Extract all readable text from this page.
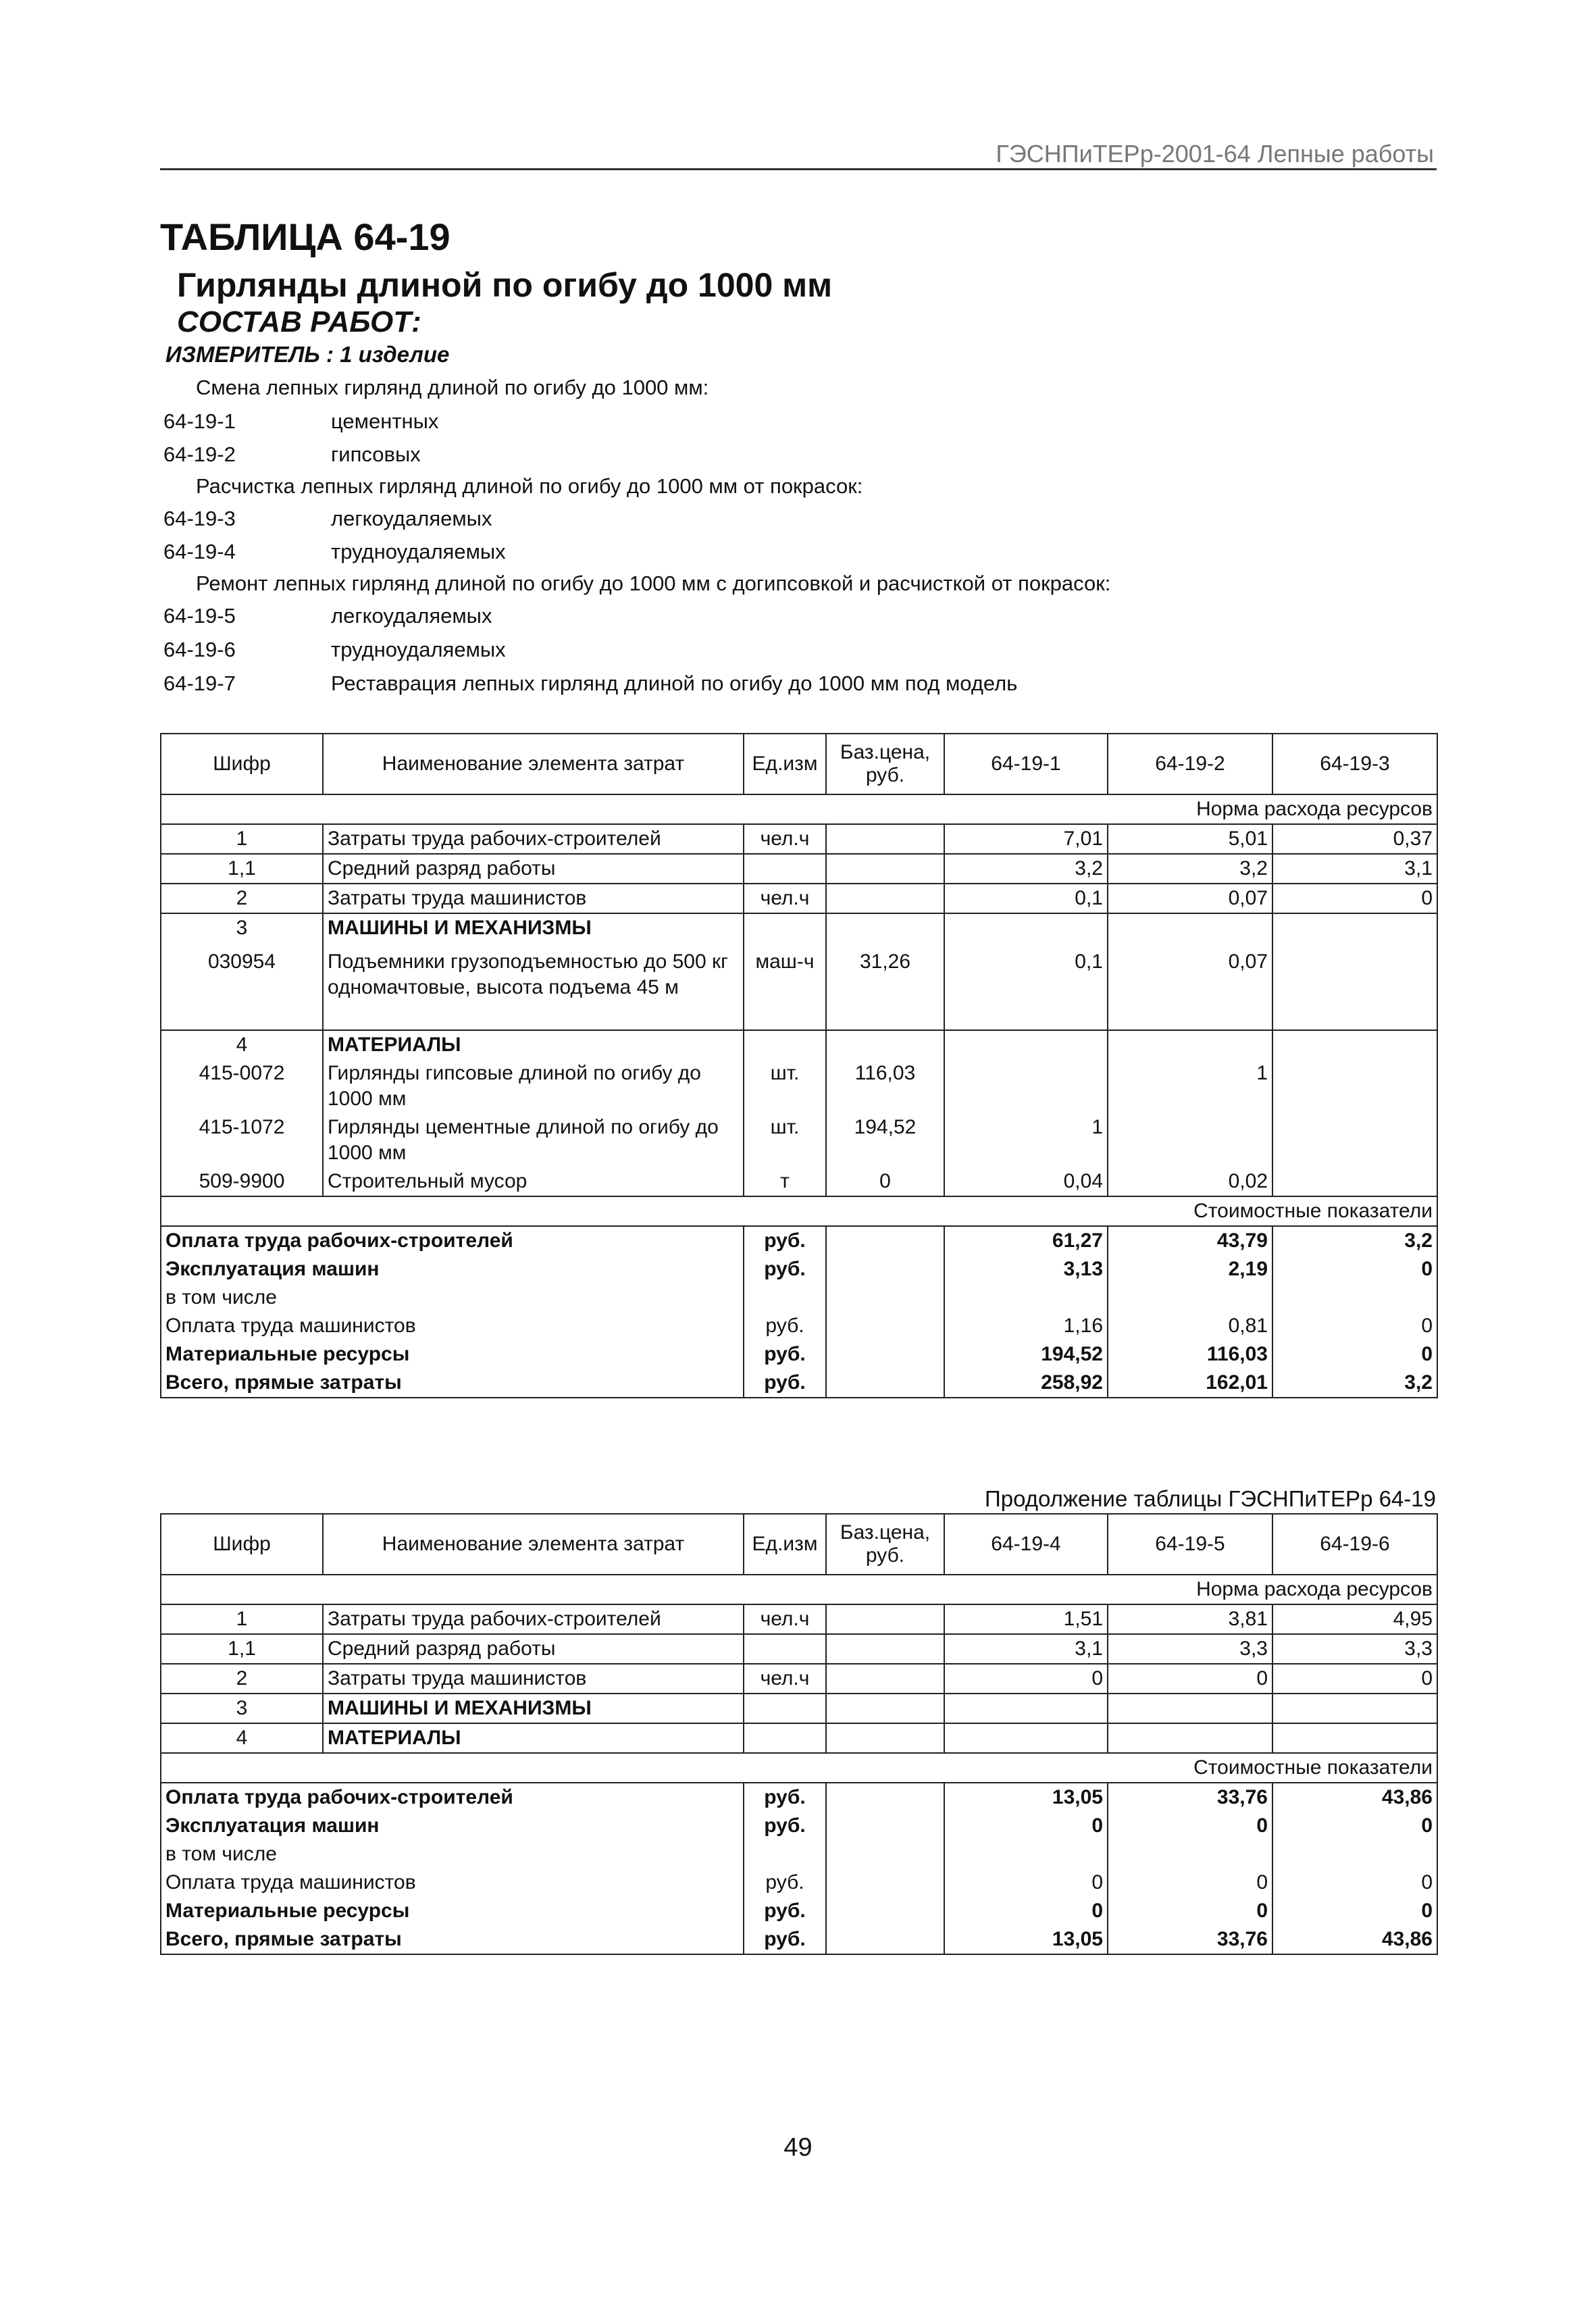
ГЭСНПиТЕРр-2001-64 Лепные работы
ТАБЛИЦА 64-19
Гирлянды длиной по огибу до 1000 мм
СОСТАВ РАБОТ:
ИЗМЕРИТЕЛЬ : 1 изделие
Смена лепных гирлянд длиной по огибу до 1000 мм:
64-19-1	цементных
64-19-2	гипсовых
Расчистка лепных гирлянд длиной по огибу до 1000 мм от покрасок:
64-19-3	легкоудаляемых
64-19-4	трудноудаляемых
Ремонт лепных гирлянд длиной по огибу до 1000 мм с догипсовкой и расчисткой от покрасок:
64-19-5	легкоудаляемых
64-19-6	трудноудаляемых
64-19-7	Реставрация лепных гирлянд длиной по огибу до 1000 мм под модель
Шифр	Наименование элемента затрат	Ед.изм	Баз.цена, руб.	64-19-1	64-19-2	64-19-3
				Норма расхода ресурсов		
1	Затраты труда рабочих-строителей	чел.ч		7,01	5,01	0,37
1,1	Средний разряд работы			3,2	3,2	3,1
2	Затраты труда машинистов	чел.ч		0,1	0,07	0
3	МАШИНЫ И МЕХАНИЗМЫ					
030954	Подъемники грузоподъемностью до 500 кг одномачтовые, высота подъема 45 м	маш-ч	31,26	0,1	0,07	
4	МАТЕРИАЛЫ					
415-0072	Гирлянды гипсовые длиной по огибу до 1000 мм	шт.	116,03		1	
415-1072	Гирлянды цементные длиной по огибу до 1000 мм	шт.	194,52	1		
509-9900	Строительный мусор	т	0	0,04	0,02	
				Стоимостные показатели		
Оплата труда рабочих-строителей		руб.		61,27	43,79	3,2
Эксплуатация машин		руб.		3,13	2,19	0
в том числе						
Оплата труда машинистов		руб.		1,16	0,81	0
Материальные ресурсы		руб.		194,52	116,03	0
Всего, прямые затраты		руб.		258,92	162,01	3,2
Продолжение таблицы ГЭСНПиТЕРр 64-19
Шифр	Наименование элемента затрат	Ед.изм	Баз.цена, руб.	64-19-4	64-19-5	64-19-6
				Норма расхода ресурсов		
1	Затраты труда рабочих-строителей	чел.ч		1,51	3,81	4,95
1,1	Средний разряд работы			3,1	3,3	3,3
2	Затраты труда машинистов	чел.ч		0	0	0
3	МАШИНЫ И МЕХАНИЗМЫ					
4	МАТЕРИАЛЫ					
				Стоимостные показатели		
Оплата труда рабочих-строителей		руб.		13,05	33,76	43,86
Эксплуатация машин		руб.		0	0	0
в том числе						
Оплата труда машинистов		руб.		0	0	0
Материальные ресурсы		руб.		0	0	0
Всего, прямые затраты		руб.		13,05	33,76	43,86
49
